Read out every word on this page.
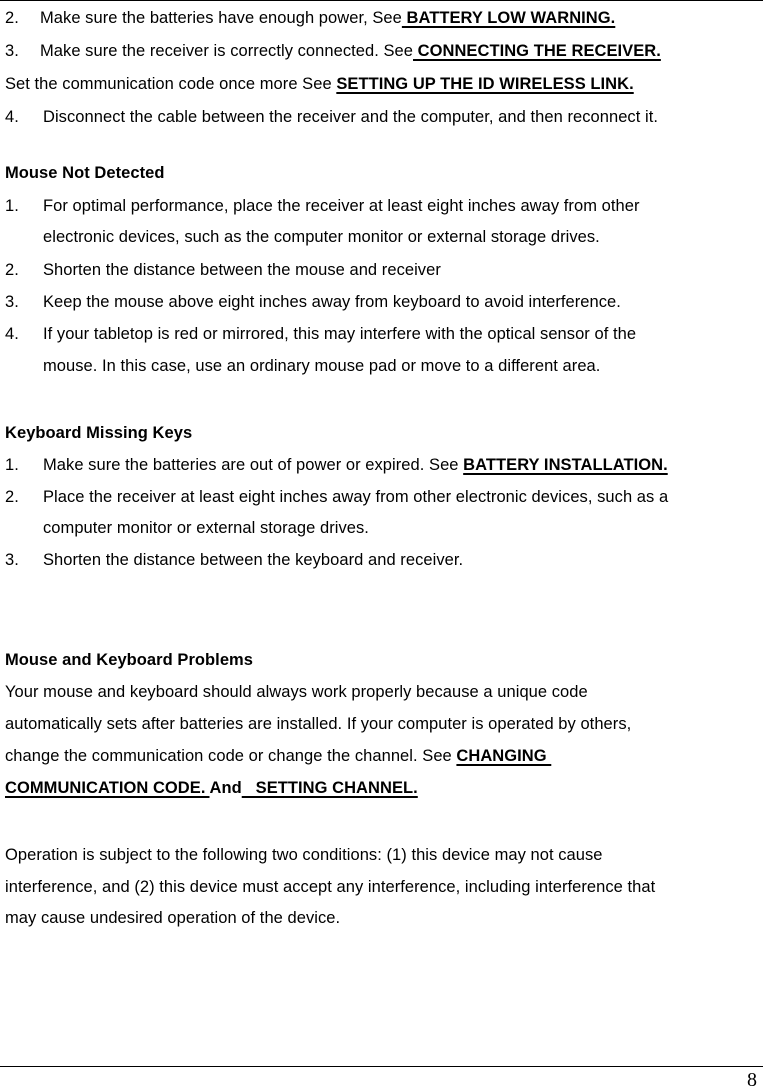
2. Make sure the batteries have enough power, See BATTERY LOW WARNING.
3. Make sure the receiver is correctly connected. See CONNECTING THE RECEIVER.
Set the communication code once more See SETTING UP THE ID WIRELESS LINK.
4. Disconnect the cable between the receiver and the computer, and then reconnect it.
Mouse Not Detected
1. For optimal performance, place the receiver at least eight inches away from other
electronic devices, such as the computer monitor or external storage drives.
2. Shorten the distance between the mouse and receiver
3. Keep the mouse above eight inches away from keyboard to avoid interference.
4. If your tabletop is red or mirrored, this may interfere with the optical sensor of the
mouse. In this case, use an ordinary mouse pad or move to a different area.
Keyboard Missing Keys
1. Make sure the batteries are out of power or expired. See BATTERY INSTALLATION.
2. Place the receiver at least eight inches away from other electronic devices, such as a
computer monitor or external storage drives.
3. Shorten the distance between the keyboard and receiver.
Mouse and Keyboard Problems
Your mouse and keyboard should always work properly because a unique code
automatically sets after batteries are installed. If your computer is operated by others,
change the communication code or change the channel. See CHANGING
COMMUNICATION CODE. And   SETTING CHANNEL.
Operation is subject to the following two conditions: (1) this device may not cause
interference, and (2) this device must accept any interference, including interference that
may cause undesired operation of the device.
8
